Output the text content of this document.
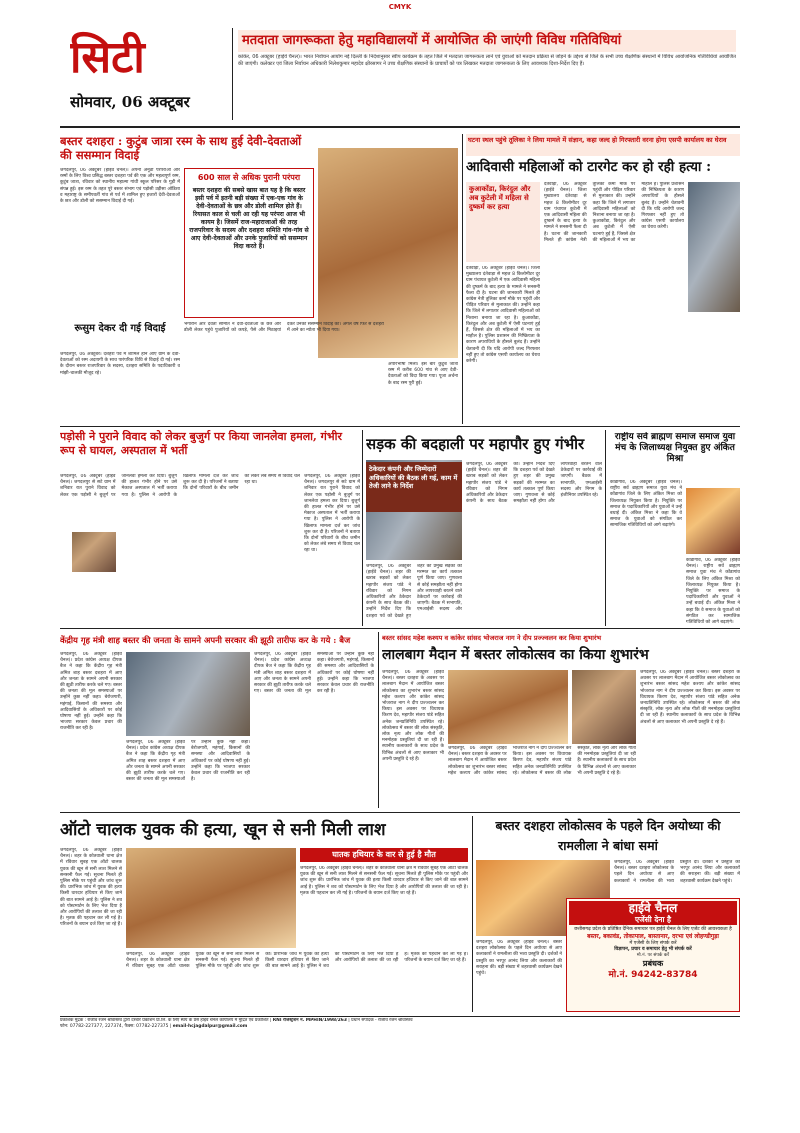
CMYK
सिटी
सोमवार, 06 अक्टूबर
मतदाता जागरूकता हेतु महाविद्यालयों में आयोजित की जाएंगी विविध गतिविधियां
कांकेर, 06 अक्टूबर (हाईवे चैनल)। भारत निर्वाचन आयोग नई दिल्ली के निर्देशानुसार स्वीप कार्यक्रम के तहत जिले में मतदाता जागरूकता लाने एवं युवाओं को मतदान प्रक्रिया से जोड़ने के उद्देश्य से जिले के सभी उच्च शैक्षणिक संस्थानों में विविध आयोजनिक गतिविधियां आयोजित की जाएंगी। कलेक्टर एवं जिला निर्वाचन अधिकारी निलेशकुमार महादेव क्षीरसागर ने उच्च शैक्षणिक संस्थानों के प्राचार्यों को पत्र लिखकर मतदाता जागरूकता के लिए आवश्यक दिशा-निर्देश दिए हैं।
बस्तर दशहरा : कुटुंब जात्रा रस्म के साथ हुई देवी-देवताओं की ससम्मान विदाई
जगदलपुर, 06 अक्टूबर (हाईवे चैनल)। अपनी अनूठी परंपराओं और रस्मों के लिए विश्व प्रसिद्ध बस्तर दशहरा पर्व की एक और महत्वपूर्ण रस्म, कुटुंब जात्रा, रविवार को स्थानीय महात्मा गांधी स्कूल परिसर के गुड़ी में संपन्न हुई। इस रस्म के तहत पूरे बस्तर संभाग एवं पड़ोसी उड़ीसा ओडिशा व महाराष्ट्र के समीपवर्ती गांव से पर्व में शामिल हुए हजारों देवी-देवताओं के छत्र और डोली को ससम्मान विदाई दी गई।
रूसुम देकर दी गई विदाई
जगदलपुर, 06 अक्टूबर। दशहरा पर्व में शामिल होने आए ग्राम के देवी-देवताओं को रस्म अदायगी के साथ पारंपरिक विधि से विदाई दी गई। रस्म के दौरान बस्तर राजपरिवार के सदस्य, दशहरा समिति के पदाधिकारी व मांझी-चालकी मौजूद रहे।
600 साल से अधिक पुरानी परंपरा
बस्तर दशहरा की सबसे खास बात यह है कि बस्तर इसी पर्व में इतनी बड़ी संख्या में एक-एक गांव के देवी-देवताओं के छत्र और डोली शामिल होते हैं। रियासत काल से चली आ रही यह परंपरा आज भी कायम है। जिसमें राज-महाराजाओं की तरह राजपरिवार के सदस्य और दशहरा समिति गांव-गांव से आए देवी-देवताओं और उनके पुजारियों को ससम्मान विदा करते हैं।
भंगारीन और देवता समिति ने देवी-देवताओं के छत्र और डोली लेकर पहुंचे पुजारियों को कपड़े, पैसे और मिठाइयां देकर उनकी ससम्मान विदाई की। अगले वर्ष फिर से दशहरा में आने का न्योता भी दिया गया।
अपरिभाषा मिला। इस बार कुटुंब जात्रा रस्म में करीब 600 गांव से आए देवी-देवताओं को विदा किया गया। पूजा अर्चना के बाद रस्म पूरी हुई।
घटना स्थल पहुंचे तूलिका ने लिया मामले में संज्ञान, कहा जल्द हो गिरफ्तारी वरना होगा एसपी कार्यालय का घेराव
आदिवासी महिलाओं को टारगेट कर हो रही हत्या :
कुआकोंडा, किरंदुल और अब कुटेली में महिला से दुष्कर्म कर हत्या
दंतेवाड़ा, 06 अक्टूबर (हाईवे चैनल)। जिला मुख्यालय दंतेवाड़ा से महज 8 किलोमीटर दूर ग्राम पंचायत कुटेली में एक आदिवासी महिला की दुष्कर्म के बाद हत्या के मामले ने सनसनी फैला दी है। घटना की जानकारी मिलते ही कांग्रेस नेत्री तूलिका कर्मा मौके पर पहुंचीं और पीड़ित परिवार से मुलाकात की। उन्होंने कहा कि जिले में लगातार आदिवासी महिलाओं को निशाना बनाया जा रहा है। कुआकोंडा, किरंदुल और अब कुटेली में ऐसी घटनाएं हुई हैं, जिससे क्षेत्र की महिलाओं में भय का माहौल है। पुलिस प्रशासन की निष्क्रियता के कारण अपराधियों के हौसले बुलंद हैं। उन्होंने चेतावनी दी कि यदि आरोपी जल्द गिरफ्तार नहीं हुए तो कांग्रेस एसपी कार्यालय का घेराव करेगी।
दंतेवाड़ा, 06 अक्टूबर (हाईवे चैनल)। जिला मुख्यालय दंतेवाड़ा से महज 8 किलोमीटर दूर ग्राम पंचायत कुटेली में एक आदिवासी महिला की दुष्कर्म के बाद हत्या के मामले ने सनसनी फैला दी है। घटना की जानकारी मिलते ही कांग्रेस नेत्री तूलिका कर्मा मौके पर पहुंचीं और पीड़ित परिवार से मुलाकात की। उन्होंने कहा कि जिले में लगातार आदिवासी महिलाओं को निशाना बनाया जा रहा है। कुआकोंडा, किरंदुल और अब कुटेली में ऐसी घटनाएं हुई हैं, जिससे क्षेत्र की महिलाओं में भय का माहौल है। पुलिस प्रशासन की निष्क्रियता के कारण अपराधियों के हौसले बुलंद हैं। उन्होंने चेतावनी दी कि यदि आरोपी जल्द गिरफ्तार नहीं हुए तो कांग्रेस एसपी कार्यालय का घेराव करेगी।
पड़ोसी ने पुराने विवाद को लेकर बुजुर्ग पर किया जानलेवा हमला, गंभीर रूप से घायल, अस्पताल में भर्ती
जगदलपुर, 06 अक्टूबर (हाईवे चैनल)। जगदलपुर से सटे ग्राम में शनिवार रात पुराने विवाद को लेकर एक पड़ोसी ने बुजुर्ग पर जानलेवा हमला कर दिया। बुजुर्ग की हालत गंभीर होने पर उसे मेकाज अस्पताल में भर्ती कराया गया है। पुलिस ने आरोपी के खिलाफ मामला दर्ज कर जांच शुरू कर दी है। परिजनों ने बताया कि दोनों परिवारों के बीच जमीन को लेकर लंबे समय से विवाद चल रहा था।
जगदलपुर, 06 अक्टूबर (हाईवे चैनल)। जगदलपुर से सटे ग्राम में शनिवार रात पुराने विवाद को लेकर एक पड़ोसी ने बुजुर्ग पर जानलेवा हमला कर दिया। बुजुर्ग की हालत गंभीर होने पर उसे मेकाज अस्पताल में भर्ती कराया गया है। पुलिस ने आरोपी के खिलाफ मामला दर्ज कर जांच शुरू कर दी है। परिजनों ने बताया कि दोनों परिवारों के बीच जमीन को लेकर लंबे समय से विवाद चल रहा था।
सड़क की बदहाली पर महापौर हुए गंभीर
ठेकेदार कंपनी और जिम्मेदारों अधिकारियों की बैठक ली गई, काम में तेजी लाने के निर्देश
जगदलपुर, 06 अक्टूबर (हाईवे चैनल)। शहर की खराब सड़कों को लेकर महापौर संजय पांडे ने रविवार को निगम अधिकारियों और ठेकेदार कंपनी के साथ बैठक की। उन्होंने निर्देश दिए कि दशहरा पर्व को देखते हुए शहर की प्रमुख सड़कों की मरम्मत का कार्य तत्काल पूर्ण किया जाए। गुणवत्ता से कोई समझौता नहीं होगा और लापरवाही बरतने वाले ठेकेदारों पर कार्रवाई की जाएगी। बैठक में सभापति, एमआईसी सदस्य और निगम के इंजीनियर उपस्थित रहे।
जगदलपुर, 06 अक्टूबर (हाईवे चैनल)। शहर की खराब सड़कों को लेकर महापौर संजय पांडे ने रविवार को निगम अधिकारियों और ठेकेदार कंपनी के साथ बैठक की। उन्होंने निर्देश दिए कि दशहरा पर्व को देखते हुए शहर की प्रमुख सड़कों की मरम्मत का कार्य तत्काल पूर्ण किया जाए। गुणवत्ता से कोई समझौता नहीं होगा और लापरवाही बरतने वाले ठेकेदारों पर कार्रवाई की जाएगी। बैठक में सभापति, एमआईसी सदस्य और
राष्ट्रीय सर्व ब्राह्मण समाज समाज युवा मंच के जिलाध्यक्ष नियुक्त हुए अंकित मिश्रा
कोंडागांव, 06 अक्टूबर (हाईवे चैनल)। राष्ट्रीय सर्व ब्राह्मण समाज युवा मंच ने कोंडागांव जिले के लिए अंकित मिश्रा को जिलाध्यक्ष नियुक्त किया है। नियुक्ति पर समाज के पदाधिकारियों और युवाओं ने उन्हें बधाई दी। अंकित मिश्रा ने कहा कि वे समाज के युवाओं को संगठित कर सामाजिक गतिविधियों को आगे बढ़ाएंगे।
कोंडागांव, 06 अक्टूबर (हाईवे चैनल)। राष्ट्रीय सर्व ब्राह्मण समाज युवा मंच ने कोंडागांव जिले के लिए अंकित मिश्रा को जिलाध्यक्ष नियुक्त किया है। नियुक्ति पर समाज के पदाधिकारियों और युवाओं ने उन्हें बधाई दी। अंकित मिश्रा ने कहा कि वे समाज के युवाओं को संगठित कर सामाजिक गतिविधियों को आगे बढ़ाएंगे।
केंद्रीय गृह मंत्री शाह बस्तर की जनता के सामने अपनी सरकार की झूठी तारीफ कर के गये : बैज
जगदलपुर, 06 अक्टूबर (हाईवे चैनल)। प्रदेश कांग्रेस अध्यक्ष दीपक बैज ने कहा कि केंद्रीय गृह मंत्री अमित शाह बस्तर दशहरा में आए और जनता के सामने अपनी सरकार की झूठी तारीफ करके चले गए। बस्तर की जनता की मूल समस्याओं पर उन्होंने कुछ नहीं कहा। बेरोजगारी, महंगाई, किसानों की समस्या और आदिवासियों के अधिकारों पर कोई घोषणा नहीं हुई। उन्होंने कहा कि भाजपा सरकार केवल प्रचार की राजनीति कर रही है।
जगदलपुर, 06 अक्टूबर (हाईवे चैनल)। प्रदेश कांग्रेस अध्यक्ष दीपक बैज ने कहा कि केंद्रीय गृह मंत्री अमित शाह बस्तर दशहरा में आए और जनता के सामने अपनी सरकार की झूठी तारीफ करके चले गए। बस्तर की जनता की मूल समस्याओं पर उन्होंने कुछ नहीं कहा। बेरोजगारी, महंगाई, किसानों की समस्या और आदिवासियों के अधिकारों पर कोई घोषणा नहीं हुई। उन्होंने कहा कि भाजपा सरकार केवल प्रचार की राजनीति कर रही है।
जगदलपुर, 06 अक्टूबर (हाईवे चैनल)। प्रदेश कांग्रेस अध्यक्ष दीपक बैज ने कहा कि केंद्रीय गृह मंत्री अमित शाह बस्तर दशहरा में आए और जनता के सामने अपनी सरकार की झूठी तारीफ करके चले गए। बस्तर की जनता की मूल समस्याओं पर उन्होंने कुछ नहीं कहा। बेरोजगारी, महंगाई, किसानों की समस्या और आदिवासियों के अधिकारों पर कोई घोषणा नहीं हुई। उन्होंने कहा कि भाजपा सरकार केवल प्रचार की राजनीति कर रही है।
बस्तर सांसद महेश कश्यप व कांकेर सांसद भोजराज नाग ने दीप प्रज्ज्वलन कर किया शुभारंभ
लालबाग मैदान में बस्तर लोकोत्सव का किया शुभारंभ
जगदलपुर, 06 अक्टूबर (हाईवे चैनल)। बस्तर दशहरा के अवसर पर लालबाग मैदान में आयोजित बस्तर लोकोत्सव का शुभारंभ बस्तर सांसद महेश कश्यप और कांकेर सांसद भोजराज नाग ने दीप प्रज्ज्वलन कर किया। इस अवसर पर विधायक किरण देव, महापौर संजय पांडे सहित अनेक जनप्रतिनिधि उपस्थित रहे। लोकोत्सव में बस्तर की लोक संस्कृति, लोक नृत्य और लोक गीतों की मनमोहक प्रस्तुतियां दी जा रही हैं। स्थानीय कलाकारों के साथ प्रदेश के विभिन्न अंचलों से आए कलाकार भी अपनी प्रस्तुति दे रहे हैं।
जगदलपुर, 06 अक्टूबर (हाईवे चैनल)। बस्तर दशहरा के अवसर पर लालबाग मैदान में आयोजित बस्तर लोकोत्सव का शुभारंभ बस्तर सांसद महेश कश्यप और कांकेर सांसद भोजराज नाग ने दीप प्रज्ज्वलन कर किया। इस अवसर पर विधायक किरण देव, महापौर संजय पांडे सहित अनेक जनप्रतिनिधि उपस्थित रहे। लोकोत्सव में बस्तर की लोक संस्कृति, लोक नृत्य और लोक गीतों की मनमोहक प्रस्तुतियां दी जा रही हैं। स्थानीय कलाकारों के साथ प्रदेश के विभिन्न अंचलों से आए कलाकार भी अपनी प्रस्तुति दे रहे हैं।
जगदलपुर, 06 अक्टूबर (हाईवे चैनल)। बस्तर दशहरा के अवसर पर लालबाग मैदान में आयोजित बस्तर लोकोत्सव का शुभारंभ बस्तर सांसद महेश कश्यप और कांकेर सांसद भोजराज नाग ने दीप प्रज्ज्वलन कर किया। इस अवसर पर विधायक किरण देव, महापौर संजय पांडे सहित अनेक जनप्रतिनिधि उपस्थित रहे। लोकोत्सव में बस्तर की लोक संस्कृति, लोक नृत्य और लोक गीतों की मनमोहक प्रस्तुतियां दी जा रही हैं। स्थानीय कलाकारों के साथ प्रदेश के विभिन्न अंचलों से आए कलाकार भी अपनी प्रस्तुति दे रहे हैं।
ऑटो चालक युवक की हत्या, खून से सनी मिली लाश
जगदलपुर, 06 अक्टूबर (हाईवे चैनल)। शहर के कोतवाली थाना क्षेत्र में रविवार सुबह एक ऑटो चालक युवक की खून से सनी लाश मिलने से सनसनी फैल गई। सूचना मिलते ही पुलिस मौके पर पहुंची और जांच शुरू की। प्रारंभिक जांच में युवक की हत्या किसी धारदार हथियार से किए जाने की बात सामने आई है। पुलिस ने शव को पोस्टमार्टम के लिए भेज दिया है और आरोपियों की तलाश की जा रही है। मृतक की पहचान कर ली गई है। परिजनों के बयान दर्ज किए जा रहे हैं।
घातक हथियार के वार से हुई है मौत
जगदलपुर, 06 अक्टूबर (हाईवे चैनल)। शहर के कोतवाली थाना क्षेत्र में रविवार सुबह एक ऑटो चालक युवक की खून से सनी लाश मिलने से सनसनी फैल गई। सूचना मिलते ही पुलिस मौके पर पहुंची और जांच शुरू की। प्रारंभिक जांच में युवक की हत्या किसी धारदार हथियार से किए जाने की बात सामने आई है। पुलिस ने शव को पोस्टमार्टम के लिए भेज दिया है और आरोपियों की तलाश की जा रही है। मृतक की पहचान कर ली गई है। परिजनों के बयान दर्ज किए जा रहे हैं।
जगदलपुर, 06 अक्टूबर (हाईवे चैनल)। शहर के कोतवाली थाना क्षेत्र में रविवार सुबह एक ऑटो चालक युवक की खून से सनी लाश मिलने से सनसनी फैल गई। सूचना मिलते ही पुलिस मौके पर पहुंची और जांच शुरू की। प्रारंभिक जांच में युवक की हत्या किसी धारदार हथियार से किए जाने की बात सामने आई है। पुलिस ने शव को पोस्टमार्टम के लिए भेज दिया है और आरोपियों की तलाश की जा रही है। मृतक की पहचान कर ली गई है। परिजनों के बयान दर्ज किए जा रहे हैं।
बस्तर दशहरा लोकोत्सव के पहले दिन अयोध्या की रामलीला ने बांधा समां
जगदलपुर, 06 अक्टूबर (हाईवे चैनल)। बस्तर दशहरा लोकोत्सव के पहले दिन अयोध्या से आए कलाकारों ने रामलीला की भव्य प्रस्तुति दी। दर्शकों ने प्रस्तुति का भरपूर आनंद लिया और कलाकारों की सराहना की। बड़ी संख्या में शहरवासी कार्यक्रम देखने पहुंचे।
जगदलपुर, 06 अक्टूबर (हाईवे चैनल)। बस्तर दशहरा लोकोत्सव के पहले दिन अयोध्या से आए कलाकारों ने रामलीला की भव्य प्रस्तुति दी। दर्शकों ने प्रस्तुति का भरपूर आनंद लिया और कलाकारों की सराहना की। बड़ी संख्या में शहरवासी कार्यक्रम देखने पहुंचे।
हाईवे चैनल
एजेंसी देना है
छत्तीसगढ़ प्रदेश के प्रतिष्ठित दैनिक समाचार पत्र हाईवे चैनल के लिए एजेंट की आवश्यकता है
बस्तर, बकावंड, तोकापाल, बास्तानार, दरभा एवं लोहण्डीगुड़ा
में एजेंसी के लिए संपर्क करें
विज्ञापन, प्रचार व समाचार हेतु भी संपर्क करें
मो.नं. पर संपर्क करें
प्रबंधक
मो.नं. 94242-83784
प्रकाशक मुद्रक : राजीव रंजन श्रीवास्तव द्वारा दरबार प्रकाशन प्रा.लि. के लिए स्वयं के प्रेस हाईवे चैनल कार्यालय में मुद्रित एवं प्रकाशित | RNI रजिस्ट्रेशन न. MPHIN/1998/263 | प्रधान संपादक - राजीव रंजन श्रीवास्तव
फोन: 07782-227377, 227374, फैक्स: 07782-227375 | email-hcjagdalpur@gmail.com
